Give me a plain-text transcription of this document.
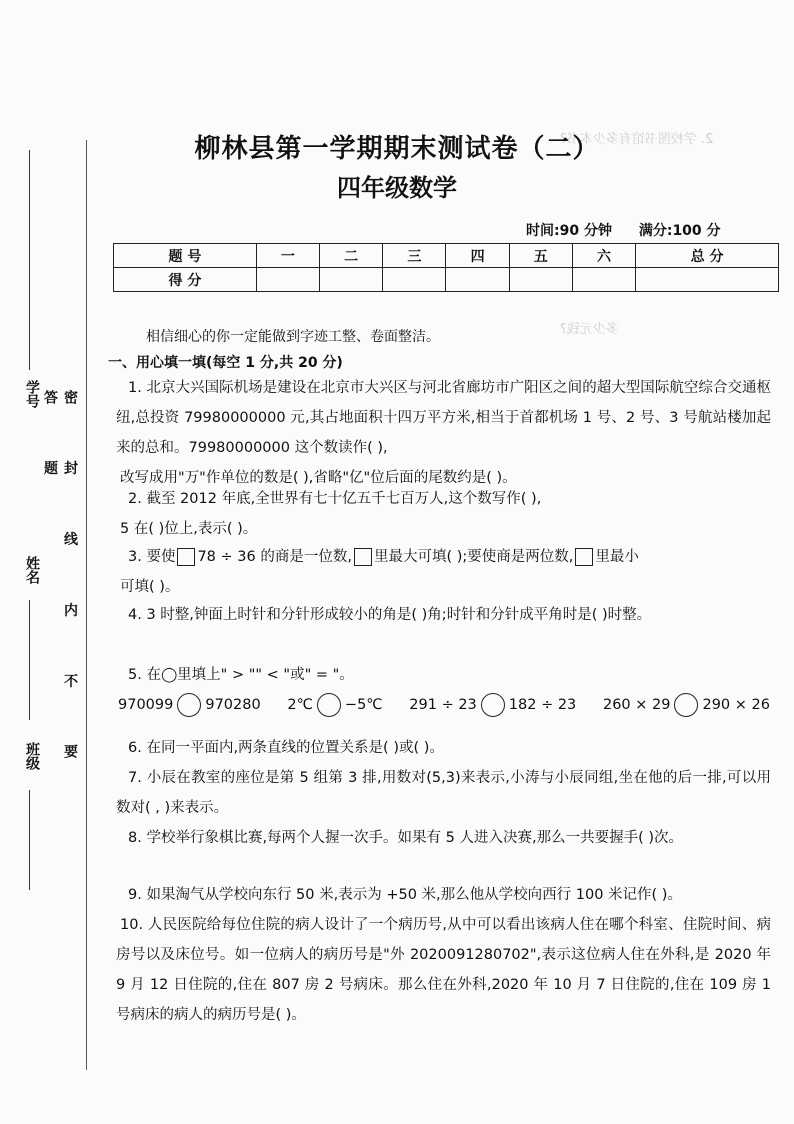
2. 学校图书馆有多少本书?
多少元钱?
学号
姓名
班级	密 封 线 内 不 要 答 题
柳林县第一学期期末测试卷（二）
四年级数学
时间:90 分钟 满分:100 分
题 号	一	二	三	四	五	六	总 分
得 分							
相信细心的你一定能做到字迹工整、卷面整洁。
一、用心填一填(每空 1 分,共 20 分)

1. 北京大兴国际机场是建设在北京市大兴区与河北省廊坊市广阳区之间的超大型国际航空综合交通枢纽,总投资 79980000000 元,其占地面积十四万平方米,相当于首都机场 1 号、2 号、3 号航站楼加起来的总和。79980000000 这个数读作( ),

改写成用"万"作单位的数是( ),省略"亿"位后面的尾数约是( )。

2. 截至 2012 年底,全世界有七十亿五千七百万人,这个数写作( ),

5 在( )位上,表示( )。

3. 要使 78 ÷ 36 的商是一位数, 里最大可填( );要使商是两位数, 里最小

可填( )。

4. 3 时整,钟面上时针和分针形成较小的角是( )角;时针和分针成平角时是( )时整。

5. 在◯里填上" > "" < "或" = "。

970099 970280 2℃ −5℃ 291 ÷ 23 182 ÷ 23 260 × 29 290 × 26

6. 在同一平面内,两条直线的位置关系是( )或( )。

7. 小辰在教室的座位是第 5 组第 3 排,用数对(5,3)来表示,小涛与小辰同组,坐在他的后一排,可以用数对( , )来表示。

8. 学校举行象棋比赛,每两个人握一次手。如果有 5 人进入决赛,那么一共要握手( )次。

9. 如果淘气从学校向东行 50 米,表示为 +50 米,那么他从学校向西行 100 米记作( )。

10. 人民医院给每位住院的病人设计了一个病历号,从中可以看出该病人住在哪个科室、住院时间、病房号以及床位号。如一位病人的病历号是"外 2020091280702",表示这位病人住在外科,是 2020 年 9 月 12 日住院的,住在 807 房 2 号病床。那么住在外科,2020 年 10 月 7 日住院的,住在 109 房 1 号病床的病人的病历号是( )。
